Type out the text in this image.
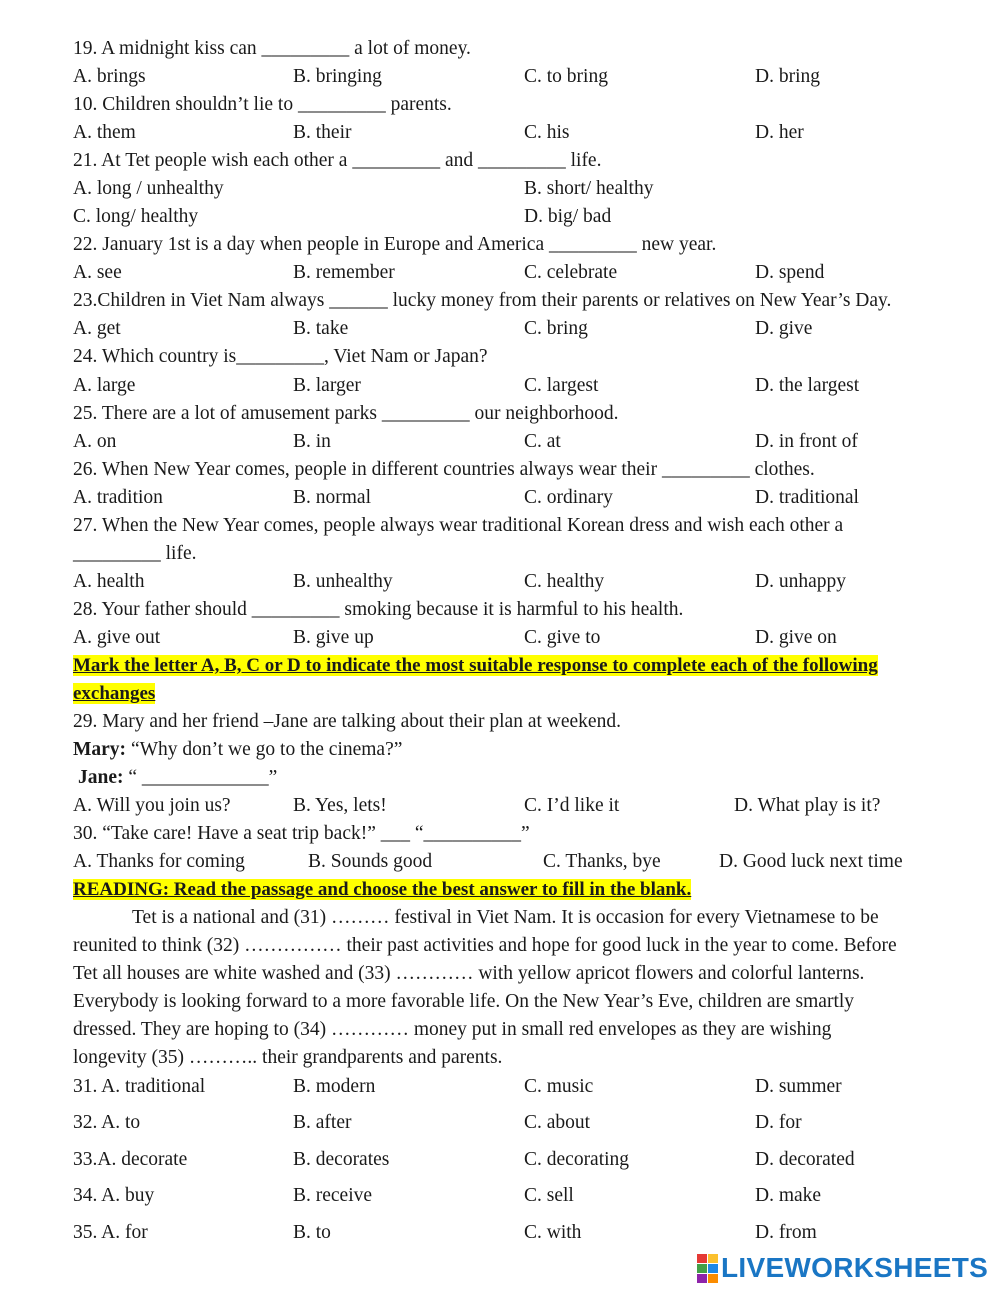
19. A midnight kiss can _________ a lot of money.
A. brings	B. bringing	C. to bring	D. bring
10. Children shouldn’t lie to _________ parents.
A. them	B. their	C. his	D. her
21. At Tet people wish each other a _________ and _________ life.
A. long / unhealthy	B. short/ healthy
C. long/ healthy	D. big/ bad
22. January 1st is a day when people in Europe and America _________ new year.
A. see	B. remember	C. celebrate	D. spend
23.Children in Viet Nam always ______ lucky money from their parents or relatives on New Year’s Day.
A. get	B. take	C. bring	D. give
24. Which country is_________, Viet Nam or Japan?
A. large	B. larger	C. largest	D. the largest
25. There are a lot of amusement parks _________ our neighborhood.
A. on	B. in	C. at	D. in front of
26. When New Year comes, people in different countries always wear their _________ clothes.
A. tradition	B. normal	C. ordinary	D. traditional
27. When the New Year comes, people always wear traditional Korean dress and wish each other a
_________ life.
A. health	B. unhealthy	C. healthy	D. unhappy
28. Your father should _________ smoking because it is harmful to his health.
A. give out	B. give up	C. give to	D. give on
Mark the letter A, B, C or D to indicate the most suitable response to complete each of the following
exchanges
29. Mary and her friend –Jane are talking about their plan at weekend.
Mary: “Why don’t we go to the cinema?”
Jane: “ _____________”
A. Will you join us?	B. Yes, lets!	C. I’d like it	D. What play is it?
30. “Take care! Have a seat trip back!” ___ “__________”
A. Thanks for coming	B. Sounds good	C. Thanks, bye	D. Good luck next time
READING: Read the passage and choose the best answer to fill in the blank.
Tet is a national and (31) ……… festival in Viet Nam. It is occasion for every Vietnamese to be
reunited to think (32) …………… their past activities and hope for good luck in the year to come. Before
Tet all houses are white washed and (33) ………… with yellow apricot flowers and colorful lanterns.
Everybody is looking forward to a more favorable life. On the New Year’s Eve, children are smartly
dressed. They are hoping to (34) ………… money put in small red envelopes as they are wishing
longevity (35) ……….. their grandparents and parents.
31. A. traditional	B. modern	C. music	D. summer
32. A. to	B. after	C. about	D. for
33.A. decorate	B. decorates	C. decorating	D. decorated
34. A. buy	B. receive	C. sell	D. make
35. A. for	B. to	C. with	D. from
LIVEWORKSHEETS
